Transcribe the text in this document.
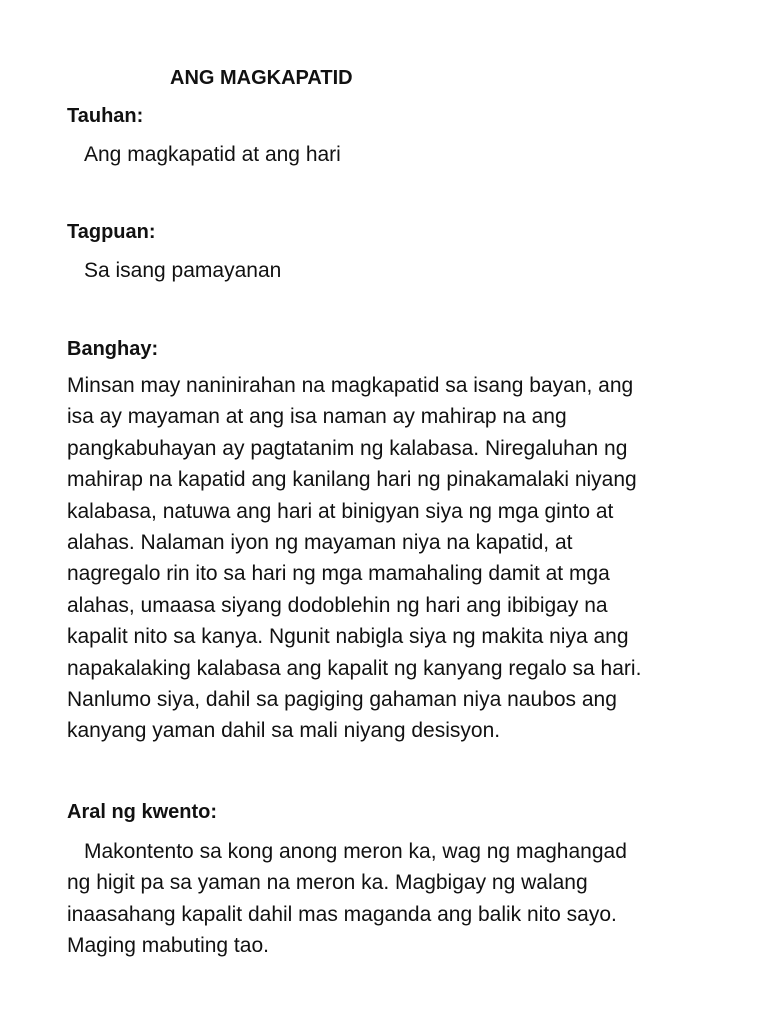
ANG MAGKAPATID
Tauhan:
Ang magkapatid at ang hari
Tagpuan:
Sa isang pamayanan
Banghay:
Minsan may naninirahan na magkapatid sa isang bayan, ang
isa ay mayaman at ang isa naman ay mahirap na ang
pangkabuhayan ay pagtatanim ng kalabasa. Niregaluhan ng
mahirap na kapatid ang kanilang hari ng pinakamalaki niyang
kalabasa, natuwa ang hari at binigyan siya ng mga ginto at
alahas. Nalaman iyon ng mayaman niya na kapatid, at
nagregalo rin ito sa hari ng mga mamahaling damit at mga
alahas, umaasa siyang dodoblehin ng hari ang ibibigay na
kapalit nito sa kanya. Ngunit nabigla siya ng makita niya ang
napakalaking kalabasa ang kapalit ng kanyang regalo sa hari.
Nanlumo siya, dahil sa pagiging gahaman niya naubos ang
kanyang yaman dahil sa mali niyang desisyon.
Aral ng kwento:
Makontento sa kong anong meron ka, wag ng maghangad
ng higit pa sa yaman na meron ka. Magbigay ng walang
inaasahang kapalit dahil mas maganda ang balik nito sayo.
Maging mabuting tao.
